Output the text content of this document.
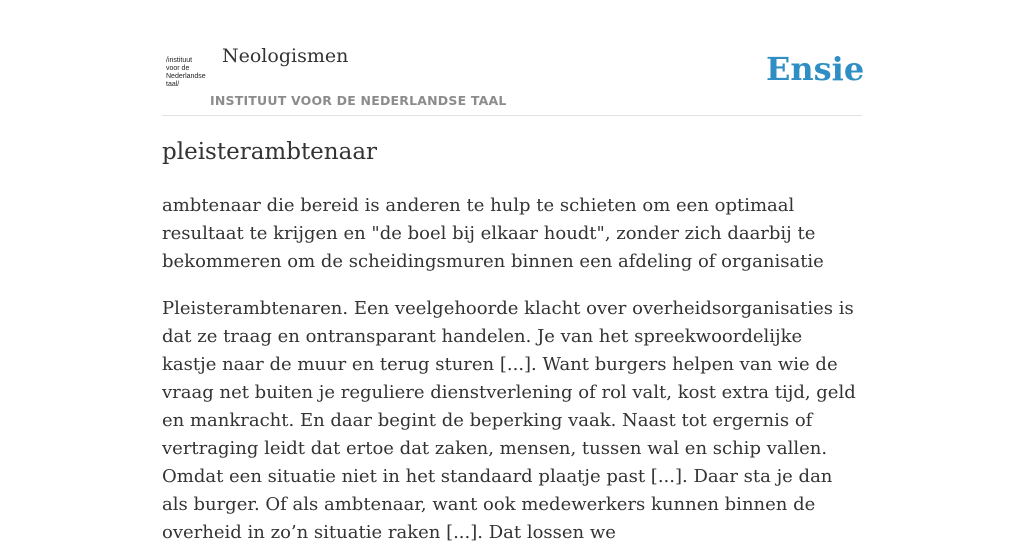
/instituut
voor de
Nederlandse
taal/
Neologismen
INSTITUUT VOOR DE NEDERLANDSE TAAL
Ensie
pleisterambtenaar

ambtenaar die bereid is anderen te hulp te schieten om een optimaal resultaat te krijgen en "de boel bij elkaar houdt", zonder zich daarbij te bekommeren om de scheidingsmuren binnen een afdeling of organisatie

Pleisterambtenaren. Een veelgehoorde klacht over overheidsorganisaties is dat ze traag en ontransparant handelen. Je van het spreekwoordelijke kastje naar de muur en terug sturen [...]. Want burgers helpen van wie de vraag net buiten je reguliere dienstverlening of rol valt, kost extra tijd, geld en mankracht. En daar begint de beperking vaak. Naast tot ergernis of vertraging leidt dat ertoe dat zaken, mensen, tussen wal en schip vallen. Omdat een situatie niet in het standaard plaatje past [...]. Daar sta je dan als burger. Of als ambtenaar, want ook medewerkers kunnen binnen de overheid in zo’n situatie raken [...]. Dat lossen we
